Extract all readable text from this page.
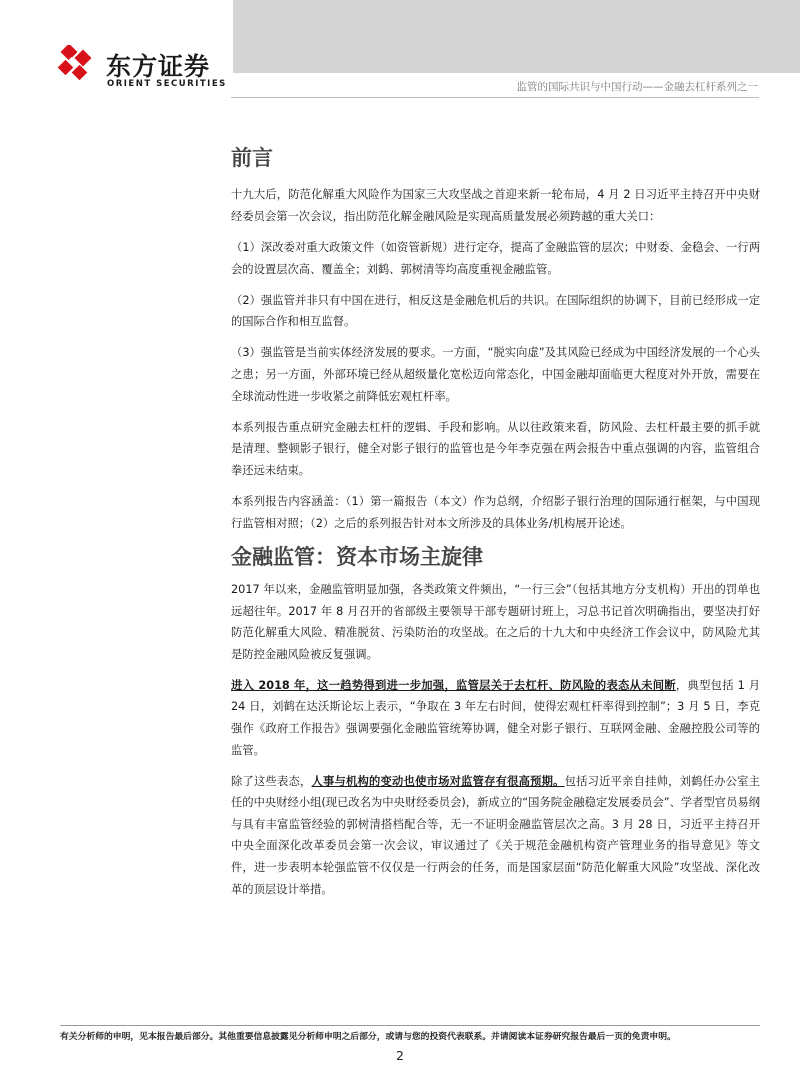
东方证券
ORIENT SECURITIES	监管的国际共识与中国行动——金融去杠杆系列之一
前言

十九大后，防范化解重大风险作为国家三大攻坚战之首迎来新一轮布局，4 月 2 日习近平主持召开中央财经委员会第一次会议，指出防范化解金融风险是实现高质量发展必须跨越的重大关口：

（1）深改委对重大政策文件（如资管新规）进行定夺，提高了金融监管的层次；中财委、金稳会、一行两会的设置层次高、覆盖全；刘鹤、郭树清等均高度重视金融监管。

（2）强监管并非只有中国在进行，相反这是金融危机后的共识。在国际组织的协调下，目前已经形成一定的国际合作和相互监督。

（3）强监管是当前实体经济发展的要求。一方面，“脱实向虚”及其风险已经成为中国经济发展的一个心头之患；另一方面，外部环境已经从超级量化宽松迈向常态化，中国金融却面临更大程度对外开放，需要在全球流动性进一步收紧之前降低宏观杠杆率。

本系列报告重点研究金融去杠杆的逻辑、手段和影响。从以往政策来看，防风险、去杠杆最主要的抓手就是清理、整顿影子银行，健全对影子银行的监管也是今年李克强在两会报告中重点强调的内容，监管组合拳还远未结束。

本系列报告内容涵盖：（1）第一篇报告（本文）作为总纲，介绍影子银行治理的国际通行框架，与中国现行监管相对照；（2）之后的系列报告针对本文所涉及的具体业务/机构展开论述。

金融监管：资本市场主旋律

2017 年以来，金融监管明显加强，各类政策文件频出，“一行三会”（包括其地方分支机构）开出的罚单也远超往年。2017 年 8 月召开的省部级主要领导干部专题研讨班上，习总书记首次明确指出，要坚决打好防范化解重大风险、精准脱贫、污染防治的攻坚战。在之后的十九大和中央经济工作会议中，防风险尤其是防控金融风险被反复强调。

进入 2018 年，这一趋势得到进一步加强，监管层关于去杠杆、防风险的表态从未间断，典型包括 1 月 24 日，刘鹤在达沃斯论坛上表示，“争取在 3 年左右时间，使得宏观杠杆率得到控制”；3 月 5 日，李克强作《政府工作报告》强调要强化金融监管统筹协调，健全对影子银行、互联网金融、金融控股公司等的监管。

除了这些表态，人事与机构的变动也使市场对监管存有很高预期。包括习近平亲自挂帅，刘鹤任办公室主任的中央财经小组(现已改名为中央财经委员会)，新成立的“国务院金融稳定发展委员会”、学者型官员易纲与具有丰富监管经验的郭树清搭档配合等，无一不证明金融监管层次之高。3 月 28 日，习近平主持召开中央全面深化改革委员会第一次会议，审议通过了《关于规范金融机构资产管理业务的指导意见》等文件，进一步表明本轮强监管不仅仅是一行两会的任务，而是国家层面“防范化解重大风险”攻坚战、深化改革的顶层设计举措。

有关分析师的申明，见本报告最后部分。其他重要信息披露见分析师申明之后部分，或请与您的投资代表联系。并请阅读本证券研究报告最后一页的免责申明。
2
